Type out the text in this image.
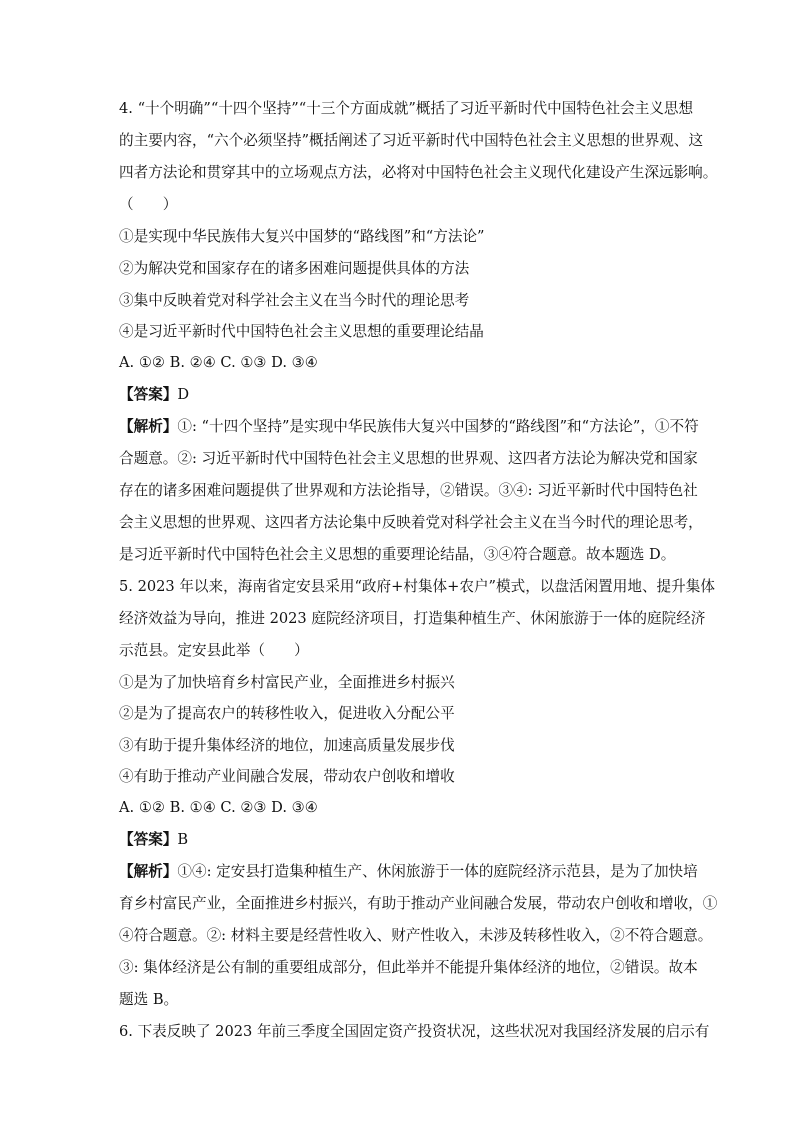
4. “十个明确”“十四个坚持”“十三个方面成就”概括了习近平新时代中国特色社会主义思想
的主要内容，“六个必须坚持”概括阐述了习近平新时代中国特色社会主义思想的世界观、这
四者方法论和贯穿其中的立场观点方法，必将对中国特色社会主义现代化建设产生深远影响。
（　　）
①是实现中华民族伟大复兴中国梦的“路线图”和“方法论”
②为解决党和国家存在的诸多困难问题提供具体的方法
③集中反映着党对科学社会主义在当今时代的理论思考
④是习近平新时代中国特色社会主义思想的重要理论结晶
A. ①② B. ②④ C. ①③ D. ③④
【答案】D
【解析】①: “十四个坚持”是实现中华民族伟大复兴中国梦的“路线图”和“方法论”，①不符
合题意。②: 习近平新时代中国特色社会主义思想的世界观、这四者方法论为解决党和国家
存在的诸多困难问题提供了世界观和方法论指导，②错误。③④: 习近平新时代中国特色社
会主义思想的世界观、这四者方法论集中反映着党对科学社会主义在当今时代的理论思考，
是习近平新时代中国特色社会主义思想的重要理论结晶，③④符合题意。故本题选 D。
5. 2023 年以来，海南省定安县采用“政府+村集体+农户”模式，以盘活闲置用地、提升集体
经济效益为导向，推进 2023 庭院经济项目，打造集种植生产、休闲旅游于一体的庭院经济
示范县。定安县此举（　　）
①是为了加快培育乡村富民产业，全面推进乡村振兴
②是为了提高农户的转移性收入，促进收入分配公平
③有助于提升集体经济的地位，加速高质量发展步伐
④有助于推动产业间融合发展，带动农户创收和增收
A. ①② B. ①④ C. ②③ D. ③④
【答案】B
【解析】①④: 定安县打造集种植生产、休闲旅游于一体的庭院经济示范县，是为了加快培
育乡村富民产业，全面推进乡村振兴，有助于推动产业间融合发展，带动农户创收和增收，①
④符合题意。②: 材料主要是经营性收入、财产性收入，未涉及转移性收入，②不符合题意。
③: 集体经济是公有制的重要组成部分，但此举并不能提升集体经济的地位，②错误。故本
题选 B。
6. 下表反映了 2023 年前三季度全国固定资产投资状况，这些状况对我国经济发展的启示有
